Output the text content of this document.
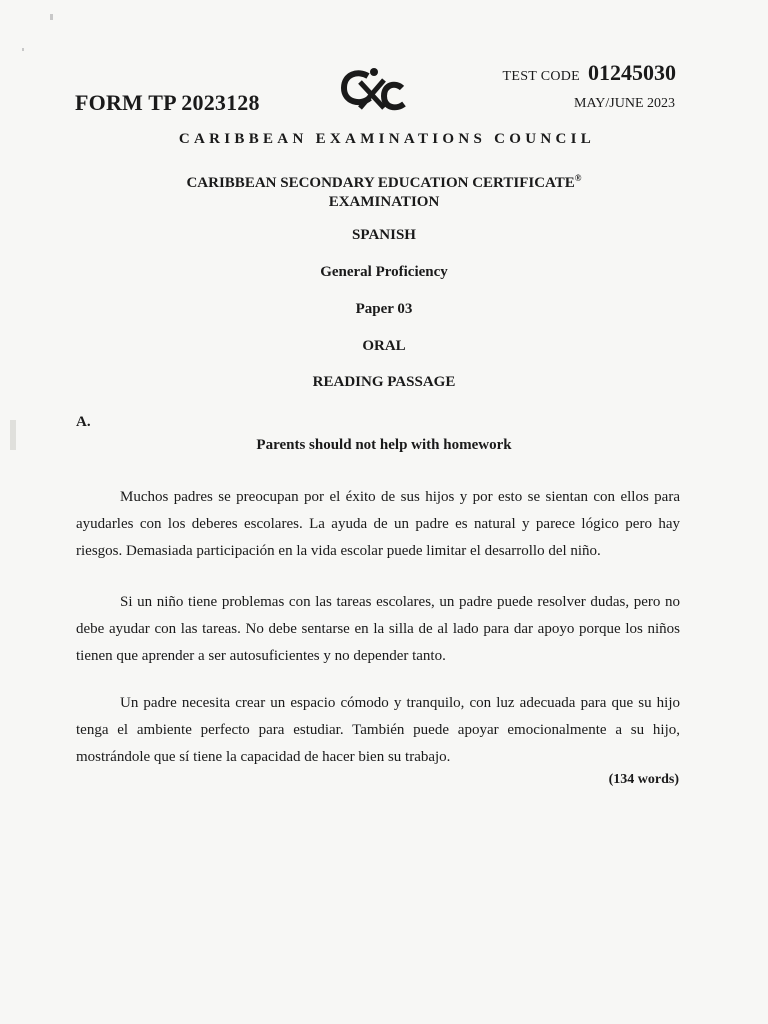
FORM TP 2023128
TEST CODE 01245030
MAY/JUNE 2023
CARIBBEAN EXAMINATIONS COUNCIL
CARIBBEAN SECONDARY EDUCATION CERTIFICATE®
EXAMINATION
SPANISH
General Proficiency
Paper 03
ORAL
READING PASSAGE
A.
Parents should not help with homework
Muchos padres se preocupan por el éxito de sus hijos y por esto se sientan con ellos para ayudarles con los deberes escolares. La ayuda de un padre es natural y parece lógico pero hay riesgos. Demasiada participación en la vida escolar puede limitar el desarrollo del niño.
Si un niño tiene problemas con las tareas escolares, un padre puede resolver dudas, pero no debe ayudar con las tareas. No debe sentarse en la silla de al lado para dar apoyo porque los niños tienen que aprender a ser autosuficientes y no depender tanto.
Un padre necesita crear un espacio cómodo y tranquilo, con luz adecuada para que su hijo tenga el ambiente perfecto para estudiar. También puede apoyar emocionalmente a su hijo, mostrándole que sí tiene la capacidad de hacer bien su trabajo.
(134 words)
